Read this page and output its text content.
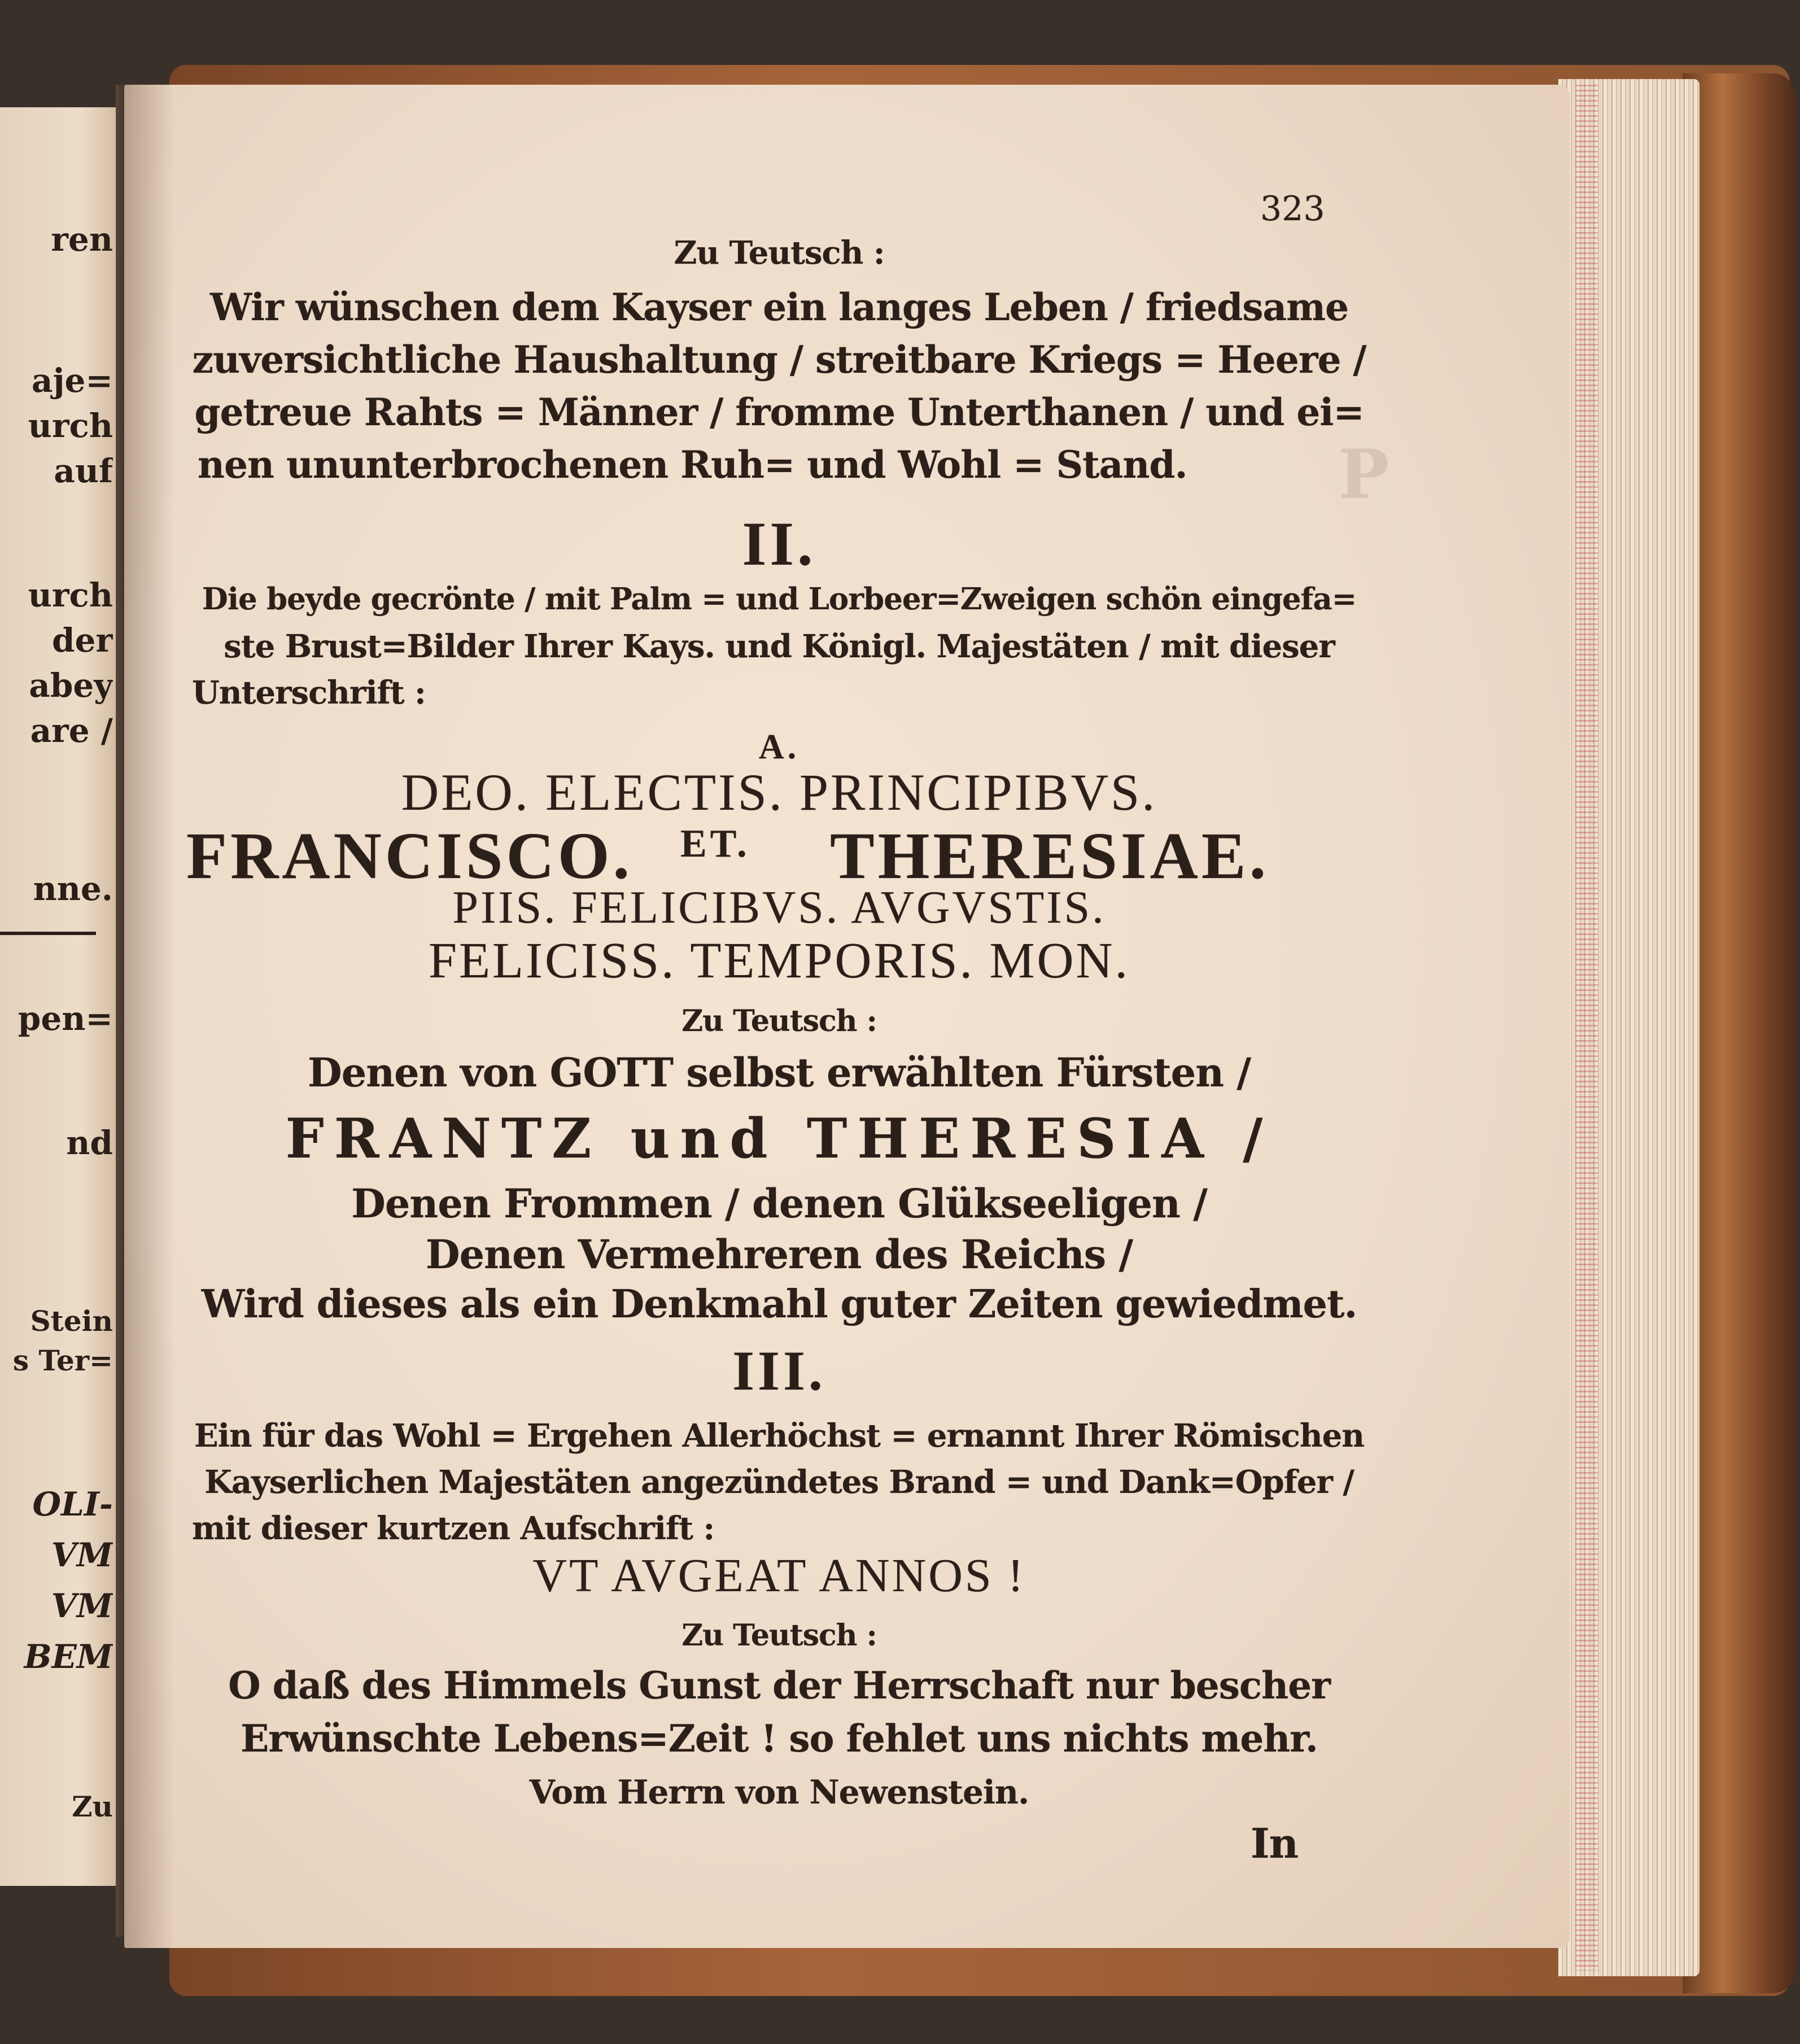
ren
aje=
urch
auf
urch
der
abey
are /
nne.
pen=
nd
Stein
s Ter=
OLI-
VM
VM
BEM
Zu
P

323
Zu Teutsch :
Wir wünschen dem Kayser ein langes Leben / friedsame
zuversichtliche Haushaltung / streitbare Kriegs = Heere /
getreue Rahts = Männer / fromme Unterthanen / und ei=
nen ununterbrochenen Ruh= und Wohl = Stand.
II.
Die beyde gecrönte / mit Palm = und Lorbeer=Zweigen schön eingefa=
ste Brust=Bilder Ihrer Kays. und Königl. Majestäten / mit dieser
Unterschrift :
A.
DEO. ELECTIS. PRINCIPIBVS.
FRANCISCO. ET. THERESIAE.
PIIS. FELICIBVS. AVGVSTIS.
FELICISS. TEMPORIS. MON.
Zu Teutsch :
Denen von GOTT selbst erwählten Fürsten /
FRANTZ und THERESIA /
Denen Frommen / denen Glükseeligen /
Denen Vermehreren des Reichs /
Wird dieses als ein Denkmahl guter Zeiten gewiedmet.
III.
Ein für das Wohl = Ergehen Allerhöchst = ernannt Ihrer Römischen
Kayserlichen Majestäten angezündetes Brand = und Dank=Opfer /
mit dieser kurtzen Aufschrift :
VT AVGEAT ANNOS !
Zu Teutsch :
O daß des Himmels Gunst der Herrschaft nur bescher
Erwünschte Lebens=Zeit ! so fehlet uns nichts mehr.
Vom Herrn von Newenstein.
In
